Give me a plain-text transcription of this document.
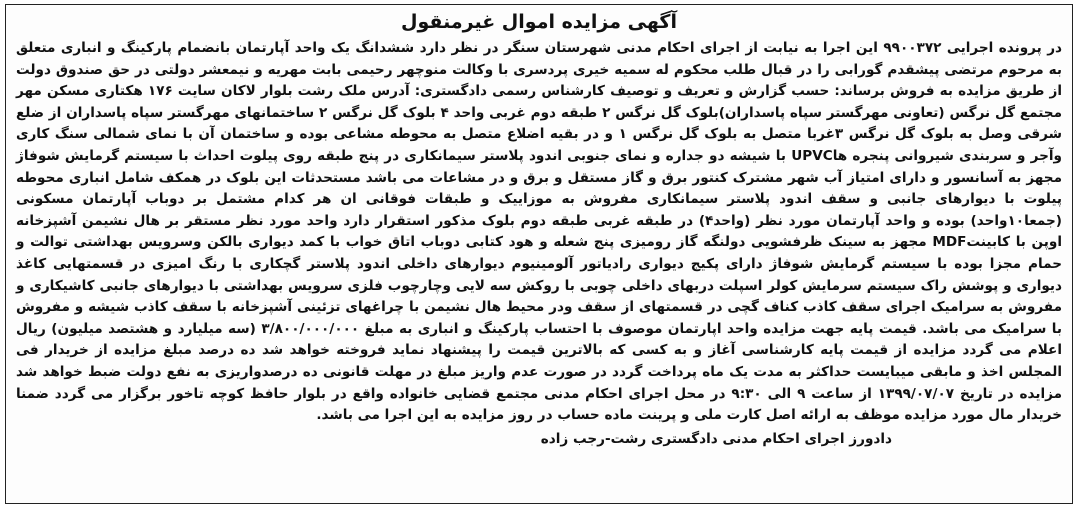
آگهی مزایده اموال غیرمنقول

در پرونده اجرایی ۹۹۰۰۳۷۲ این اجرا به نیابت از اجرای احکام مدنی شهرستان سنگر در نظر دارد ششدانگ یک واحد آپارتمان بانضمام پارکینگ و انباری متعلق به مرحوم مرتضی پیشقدم گورابی را در قبال طلب محکوم له سمیه خیری پردسری با وکالت منوچهر رحیمی بابت مهریه و نیمعشر دولتی در حق صندوق دولت از طریق مزایده به فروش برساند: حسب گزارش و تعریف و توصیف کارشناس رسمی دادگستری: آدرس ملک رشت بلوار لاکان سایت ۱۷۶ هکتاری مسکن مهر مجتمع گل نرگس (تعاونی مهرگستر سپاه پاسداران)بلوک گل نرگس ۲ طبقه دوم غربی واحد ۴ بلوک گل نرگس ۲ ساختمانهای مهرگستر سپاه پاسداران از ضلع شرقی وصل به بلوک گل نرگس ۳غربا متصل به بلوک گل نرگس ۱ و در بقیه اضلاع متصل به محوطه مشاعی بوده و ساختمان آن با نمای شمالی سنگ کاری وآجر و سربندی شیروانی پنجره هاUPVC با شیشه دو جداره و نمای جنوبی اندود پلاستر سیمانکاری در پنج طبقه روی پیلوت احداث با سیستم گرمایش شوفاژ مجهز به آسانسور و دارای امتیاز آب شهر مشترک کنتور برق و گاز مستقل و برق و در مشاعات می باشد مستحدثات این بلوک در همکف شامل انباری محوطه پیلوت با دیوارهای جانبی و سقف اندود پلاستر سیمانکاری مفروش به موزاییک و طبقات فوقانی ان هر کدام مشتمل بر دوباب آپارتمان مسکونی (جمعا۱۰واحد) بوده و واحد آپارتمان مورد نظر (واحد۴) در طبقه غربی طبقه دوم بلوک مذکور استقرار دارد واحد مورد نظر مستقر بر هال نشیمن آشپزخانه اوپن با کابینتMDF مجهز به سینک ظرفشویی دولنگه گاز رومیزی پنج شعله و هود کتابی دوباب اتاق خواب با کمد دیواری بالکن وسرویس بهداشتی توالت و حمام مجزا بوده با سیستم گرمایش شوفاژ دارای پکیج دیواری رادیاتور آلومینیوم دیوارهای داخلی اندود پلاستر گچکاری با رنگ امیزی در قسمتهایی کاغذ دیواری و پوشش راک سیستم سرمایش کولر اسپلت دربهای داخلی چوبی با روکش سه لایی وچارچوب فلزی سرویس بهداشتی با دیوارهای جانبی کاشیکاری و مفروش به سرامیک اجرای سقف کاذب کناف گچی در قسمتهای از سقف ودر محیط هال نشیمن با چراغهای تزئینی آشپزخانه با سقف کاذب شیشه و مفروش با سرامیک می باشد. قیمت پایه جهت مزایده واحد اپارتمان موصوف با احتساب پارکینگ و انباری به مبلغ ۳/۸۰۰/۰۰۰/۰۰۰ (سه میلیارد و هشتصد میلیون) ریال اعلام می گردد مزایده از قیمت پایه کارشناسی آغاز و به کسی که بالاترین قیمت را پیشنهاد نماید فروخته خواهد شد ده درصد مبلغ مزایده از خریدار فی المجلس اخذ و مابقی میبایست حداکثر به مدت یک ماه پرداخت گردد در صورت عدم واریز مبلغ در مهلت قانونی ده درصدواریزی به نفع دولت ضبط خواهد شد مزایده در تاریخ ۱۳۹۹/۰۷/۰۷ از ساعت ۹ الی ۹:۳۰ در محل اجرای احکام مدنی مجتمع قضایی خانواده واقع در بلوار حافظ کوچه تاخور برگزار می گردد ضمنا خریدار مال مورد مزایده موظف به ارائه اصل کارت ملی و پرینت ماده حساب در روز مزایده به این اجرا می باشد.

دادورز اجرای احکام مدنی دادگستری رشت-رجب زاده
